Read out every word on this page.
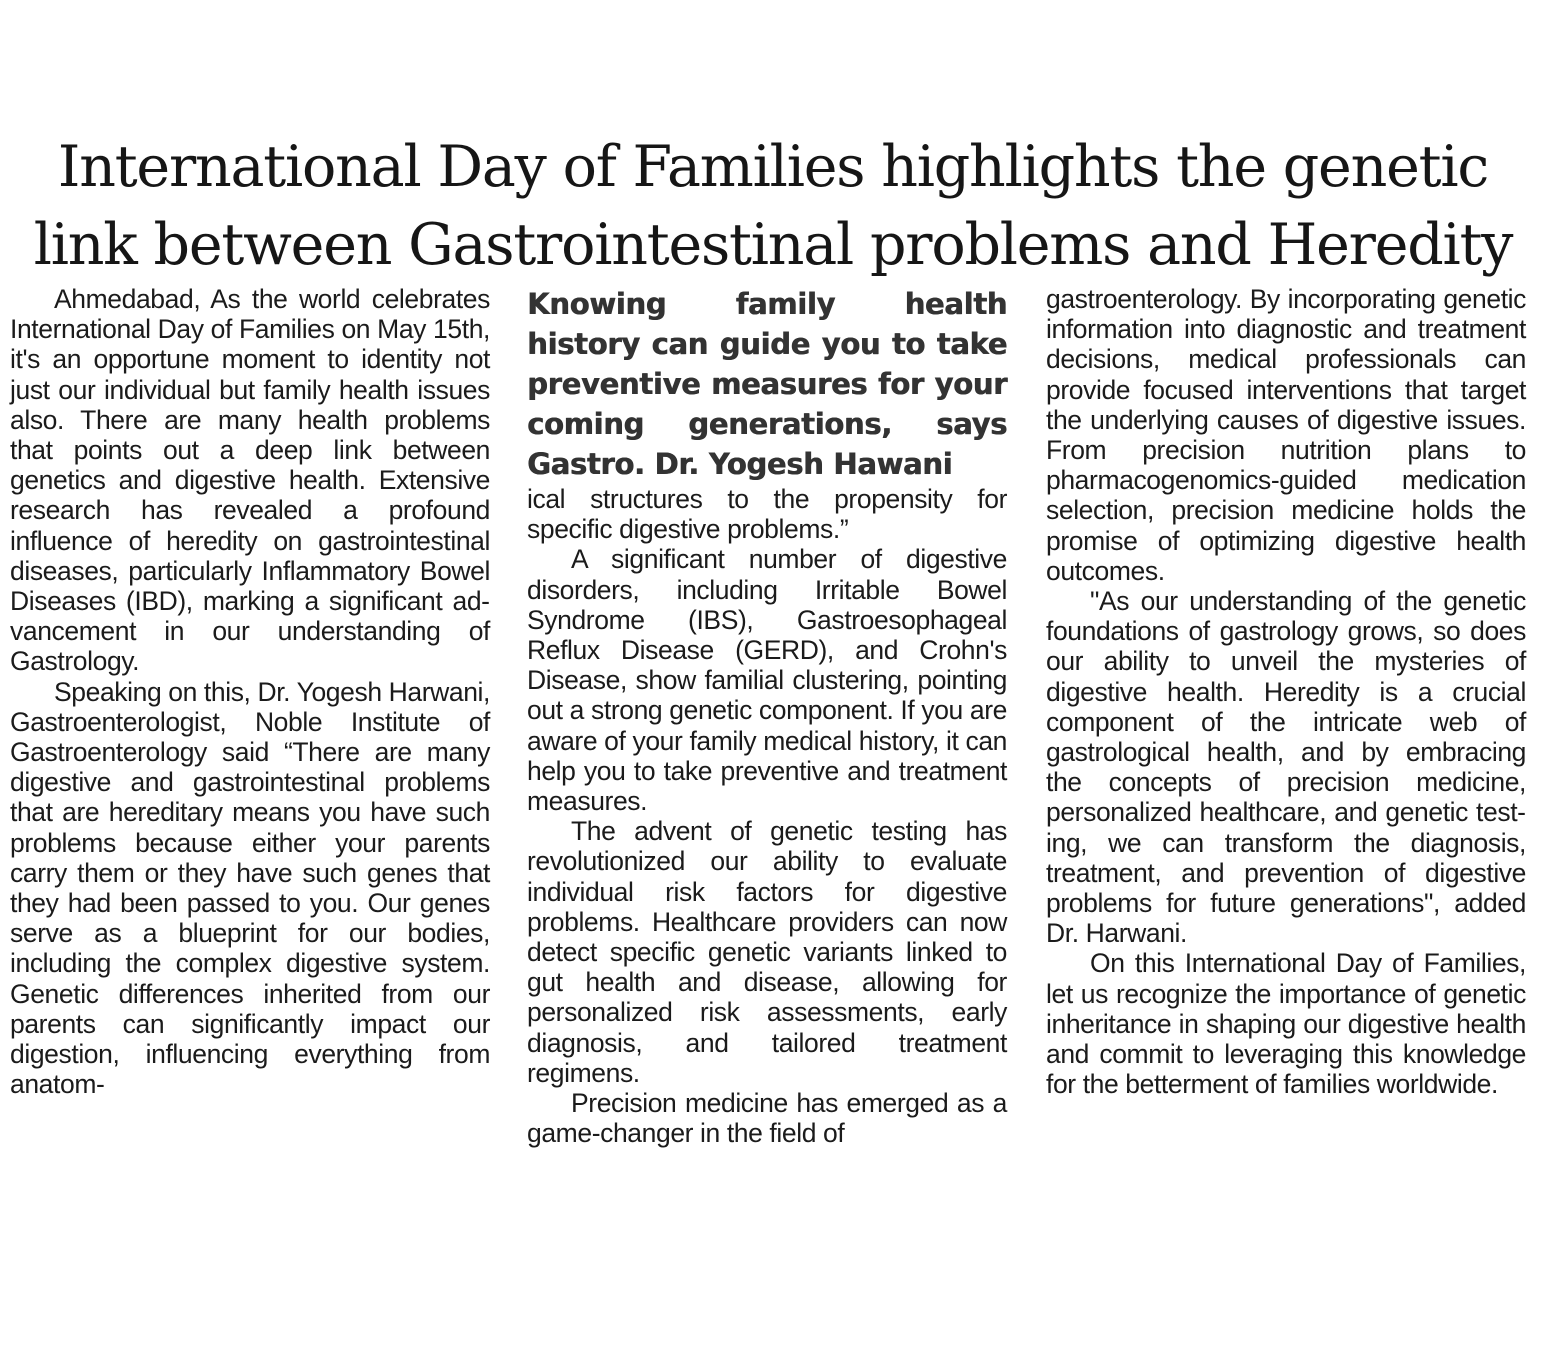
International Day of Families highlights the genetic
link between Gastrointestinal problems and Heredity

Ahmedabad, As the world celebrates International Day of Families on May 15th, it's an opportune moment to identity not just our individual but family health issues also. There are many health problems that points out a deep link between genetics and digestive health. Extensive research has revealed a profound influence of heredity on gastrointestinal diseases, particularly Inflammatory Bowel Diseases (IBD), marking a significant advancement in our understanding of Gastrology.

Speaking on this, Dr. Yogesh Harwani, Gastroenterologist, Noble Institute of Gastroenterology said “There are many digestive and gastrointestinal problems that are hereditary means you have such problems because either your parents carry them or they have such genes that they had been passed to you. Our genes serve as a blueprint for our bodies, including the complex digestive system. Genetic differences inherited from our parents can significantly impact our digestion, influencing everything from anatom-

Knowing family health history can guide you to take preventive measures for your coming generations, says Gastro. Dr. Yogesh Hawani

ical structures to the propensity for specific digestive problems.”

A significant number of digestive disorders, including Irritable Bowel Syndrome (IBS), Gastroesophageal Reflux Disease (GERD), and Crohn's Disease, show familial clustering, pointing out a strong genetic component. If you are aware of your family medical history, it can help you to take preventive and treatment measures.

The advent of genetic testing has revolutionized our ability to evaluate individual risk factors for digestive problems. Healthcare providers can now detect specific genetic variants linked to gut health and disease, allowing for personalized risk assessments, early diagnosis, and tailored treatment regimens.

Precision medicine has emerged as a game-changer in the field of

gastroenterology. By incorporating genetic information into diagnostic and treatment decisions, medical professionals can provide focused interventions that target the underlying causes of digestive issues. From precision nutrition plans to pharmacogenomics-guided medication selection, precision medicine holds the promise of optimizing digestive health outcomes.

"As our understanding of the genetic foundations of gastrology grows, so does our ability to unveil the mysteries of digestive health. Heredity is a crucial component of the intricate web of gastrological health, and by embracing the concepts of precision medicine, personalized healthcare, and genetic testing, we can transform the diagnosis, treatment, and prevention of digestive problems for future generations", added Dr. Harwani.

On this International Day of Families, let us recognize the importance of genetic inheritance in shaping our digestive health and commit to leveraging this knowledge for the betterment of families worldwide.
